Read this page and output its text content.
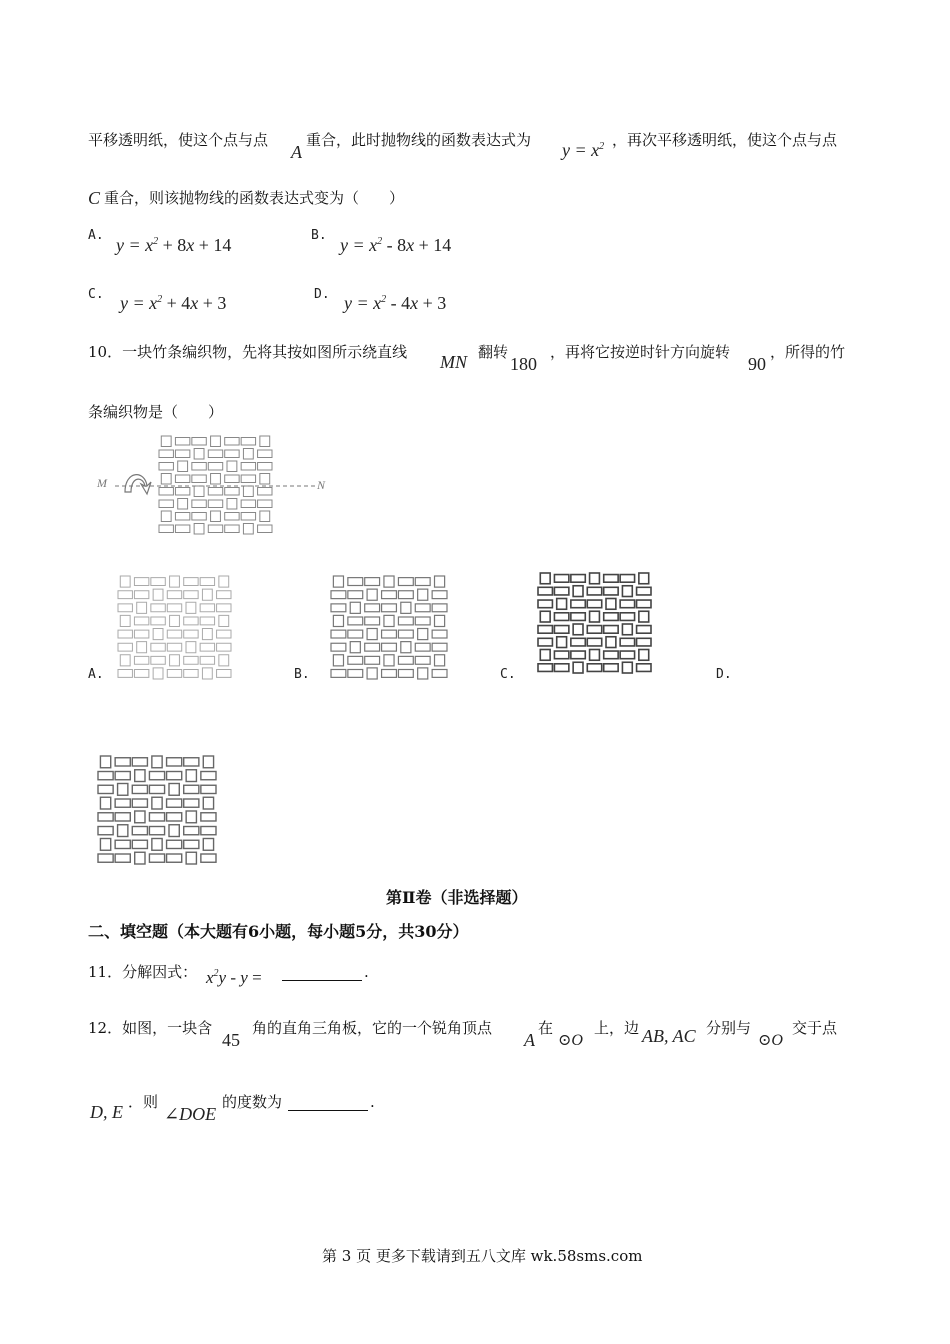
平移透明纸，使这个点与点
A
重合，此时抛物线的函数表达式为 $y = x^2$ ，再次平移透明纸，使这个点与点
C 重合，则该抛物线的函数表达式变为（　　）
A. $y = x^2 + 8x + 14$	B. $y = x^2 - 8x + 14$
C. $y = x^2 + 4x + 3$	D. $y = x^2 - 4x + 3$
10．一块竹条编织物，先将其按如图所示绕直线 MN 翻转
180
，再将它按逆时针方向旋转
90
，所得的竹
条编织物是（　　）
M	N
A.	B.	C.	D.
第Ⅱ卷（非选择题）
二、填空题（本大题有6小题，每小题5分，共30分）
11．分解因式： $x^2y$ - y =	.
12．如图，一块含
45
角的直角三角板，它的一个锐角顶点
A
在
⊙O
上，边 AB, AC 分别与
⊙O
交于点
D, E ．则
∠DOE
的度数为	.
第 3 页 更多下载请到五八文库 wk.58sms.com
